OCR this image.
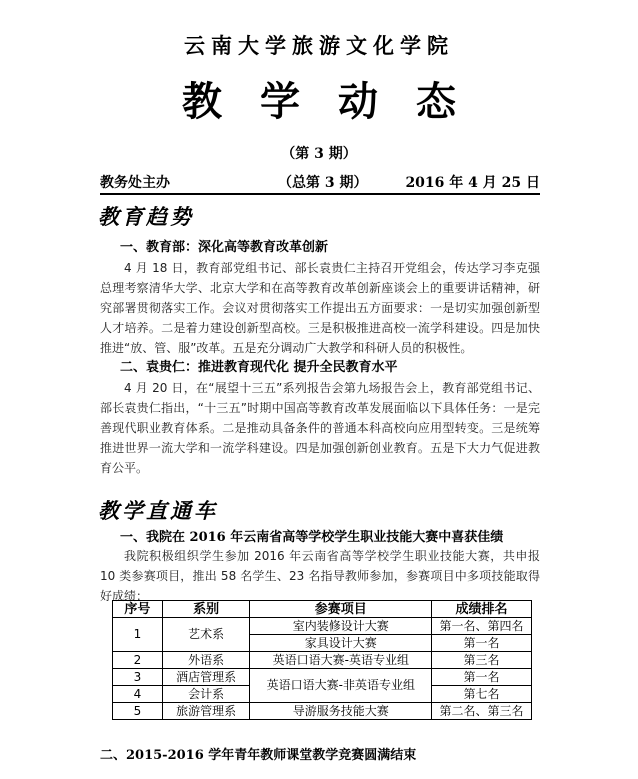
云南大学旅游文化学院
教学动态
（第 3 期）
教务处主办	（总第 3 期）	2016 年 4 月 25 日
教育趋势
一、教育部：深化高等教育改革创新

4 月 18 日，教育部党组书记、部长袁贵仁主持召开党组会，传达学习李克强总理考察清华大学、北京大学和在高等教育改革创新座谈会上的重要讲话精神，研究部署贯彻落实工作。会议对贯彻落实工作提出五方面要求：一是切实加强创新型人才培养。二是着力建设创新型高校。三是积极推进高校一流学科建设。四是加快推进“放、管、服”改革。五是充分调动广大教学和科研人员的积极性。

二、袁贵仁：推进教育现代化 提升全民教育水平

4 月 20 日，在“展望十三五”系列报告会第九场报告会上，教育部党组书记、部长袁贵仁指出，“十三五”时期中国高等教育改革发展面临以下具体任务：一是完善现代职业教育体系。二是推动具备条件的普通本科高校向应用型转变。三是统筹推进世界一流大学和一流学科建设。四是加强创新创业教育。五是下大力气促进教育公平。

教学直通车
一、我院在 2016 年云南省高等学校学生职业技能大赛中喜获佳绩

我院积极组织学生参加 2016 年云南省高等学校学生职业技能大赛，共申报 10 类参赛项目，推出 58 名学生、23 名指导教师参加，参赛项目中多项技能取得好成绩：

序号	系别	参赛项目	成绩排名
1	艺术系	室内装修设计大赛	第一名、第四名
		家具设计大赛	第一名
2	外语系	英语口语大赛-英语专业组	第三名
3	酒店管理系	英语口语大赛-非英语专业组	第一名
4	会计系		第七名
5	旅游管理系	导游服务技能大赛	第二名、第三名
二、2015-2016 学年青年教师课堂教学竞赛圆满结束
